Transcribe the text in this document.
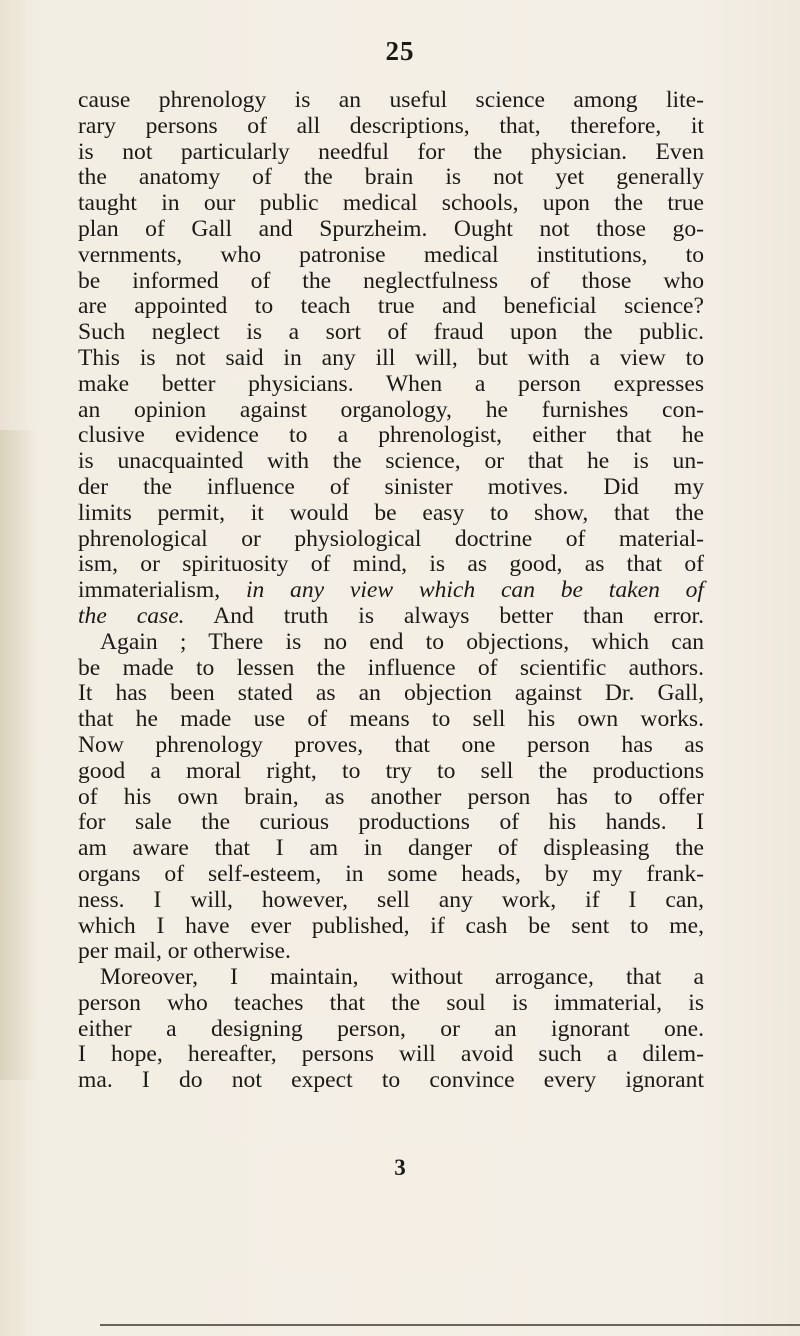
25
cause phrenology is an useful science among lite-
rary persons of all descriptions, that, therefore, it
is not particularly needful for the physician. Even
the anatomy of the brain is not yet generally
taught in our public medical schools, upon the true
plan of Gall and Spurzheim. Ought not those go-
vernments, who patronise medical institutions, to
be informed of the neglectfulness of those who
are appointed to teach true and beneficial science?
Such neglect is a sort of fraud upon the public.
This is not said in any ill will, but with a view to
make better physicians. When a person expresses
an opinion against organology, he furnishes con-
clusive evidence to a phrenologist, either that he
is unacquainted with the science, or that he is un-
der the influence of sinister motives. Did my
limits permit, it would be easy to show, that the
phrenological or physiological doctrine of material-
ism, or spirituosity of mind, is as good, as that of
immaterialism, in any view which can be taken of
the case. And truth is always better than error.
Again ; There is no end to objections, which can
be made to lessen the influence of scientific authors.
It has been stated as an objection against Dr. Gall,
that he made use of means to sell his own works.
Now phrenology proves, that one person has as
good a moral right, to try to sell the productions
of his own brain, as another person has to offer
for sale the curious productions of his hands. I
am aware that I am in danger of displeasing the
organs of self-esteem, in some heads, by my frank-
ness. I will, however, sell any work, if I can,
which I have ever published, if cash be sent to me,
per mail, or otherwise.
Moreover, I maintain, without arrogance, that a
person who teaches that the soul is immaterial, is
either a designing person, or an ignorant one.
I hope, hereafter, persons will avoid such a dilem-
ma. I do not expect to convince every ignorant
3
